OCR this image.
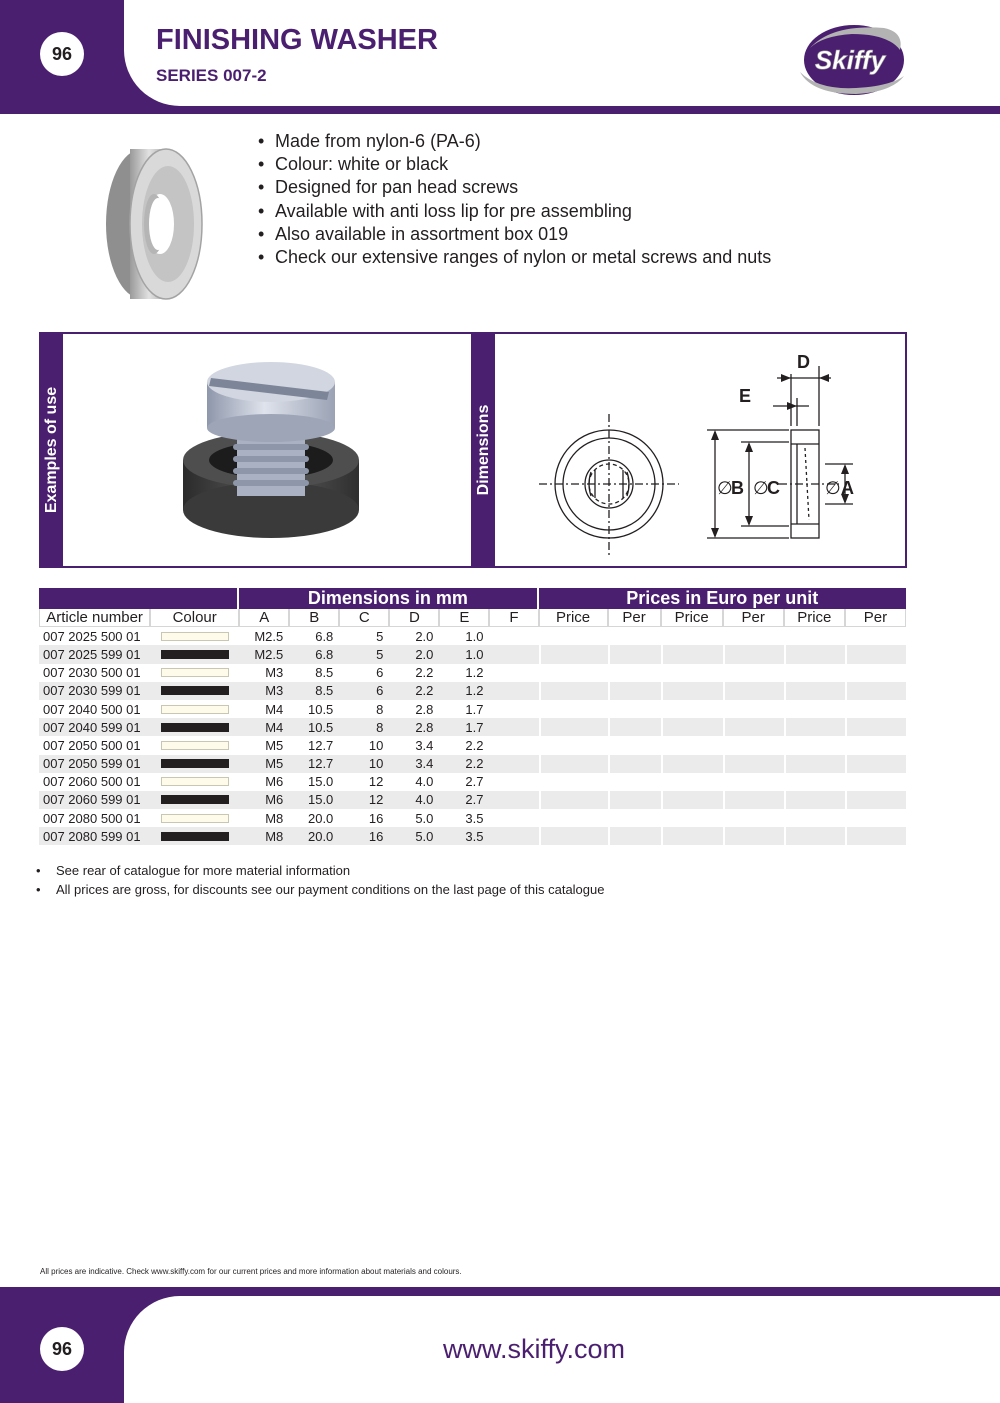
96	FINISHING WASHER
SERIES 007-2
Skiffy
• Made from nylon-6 (PA-6)
• Colour: white or black
• Designed for pan head screws
• Available with anti loss lip for pre assembling
• Also available in assortment box 019
• Check our extensive ranges of nylon or metal screws and nuts
Examples of use	Dimensions	∅
B ∅
C	∅ A
D
E
		Dimensions in mm						Prices in Euro per unit					
Article number	Colour	A	B	C	D	E	F	Price	Per	Price	Per	Price	Per
007 2025 500 01		M2.5	6.8	5	2.0	1.0							
007 2025 599 01		M2.5	6.8	5	2.0	1.0							
007 2030 500 01		M3	8.5	6	2.2	1.2							
007 2030 599 01		M3	8.5	6	2.2	1.2							
007 2040 500 01		M4	10.5	8	2.8	1.7							
007 2040 599 01		M4	10.5	8	2.8	1.7							
007 2050 500 01		M5	12.7	10	3.4	2.2							
007 2050 599 01		M5	12.7	10	3.4	2.2							
007 2060 500 01		M6	15.0	12	4.0	2.7							
007 2060 599 01		M6	15.0	12	4.0	2.7							
007 2080 500 01		M8	20.0	16	5.0	3.5							
007 2080 599 01		M8	20.0	16	5.0	3.5							
• See rear of catalogue for more material information
• All prices are gross, for discounts see our payment conditions on the last page of this catalogue
All prices are indicative. Check www.skiffy.com for our current prices and more information about materials and colours.
96	www.skiffy.com
